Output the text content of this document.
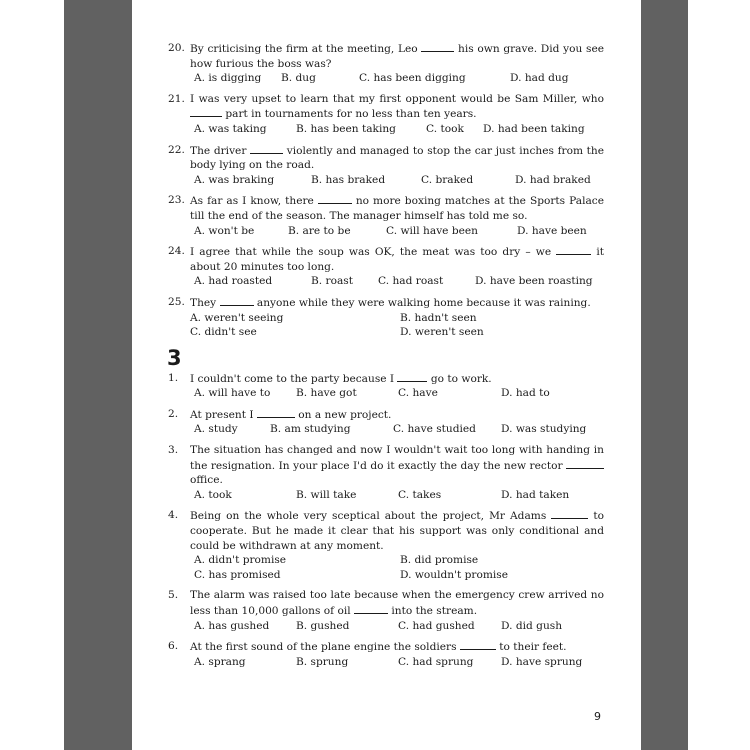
20. By criticising the firm at the meeting, Leo	his own grave. Did you see how furious the boss was?
A. is digging	B. dug	C. has been digging	D. had dug
21. I was very upset to learn that my first opponent would be Sam Miller, who  part in tournaments for no less than ten years.
A. was taking	B. has been taking	C. took	D. had been taking
22. The driver	violently and managed to stop the car just inches from the body lying on the road.
A. was braking	B. has braked	C. braked	D. had braked
23. As far as I know, there	no more boxing matches at the Sports Palace till the end of the season. The manager himself has told me so.
A. won't be	B. are to be	C. will have been	D. have been
24. I agree that while the soup was OK, the meat was too dry – we	it about 20 minutes too long.
A. had roasted	B. roast	C. had roast	D. have been roasting
25. They	anyone while they were walking home because it was raining.
A. weren't seeing	B. hadn't seen
C. didn't see	D. weren't seen
3
1.	I couldn't come to the party because I	go to work.
A. will have to	B. have got	C. have	D. had to
2.	At present I	on a new project.
A. study	B. am studying	C. have studied	D. was studying
3.	The situation has changed and now I wouldn't wait too long with handing in the resignation. In your place I'd do it exactly the day the new rector  office.
A. took	B. will take	C. takes	D. had taken
4.	Being on the whole very sceptical about the project, Mr Adams	to cooperate. But he made it clear that his support was only conditional and could be withdrawn at any moment.
A. didn't promise	B. did promise
C. has promised	D. wouldn't promise
5.	The alarm was raised too late because when the emergency crew arrived no less than 10,000 gallons of oil	into the stream.
A. has gushed	B. gushed	C. had gushed	D. did gush
6.	At the first sound of the plane engine the soldiers	to their feet.
A. sprang	B. sprung	C. had sprung	D. have sprung
9
